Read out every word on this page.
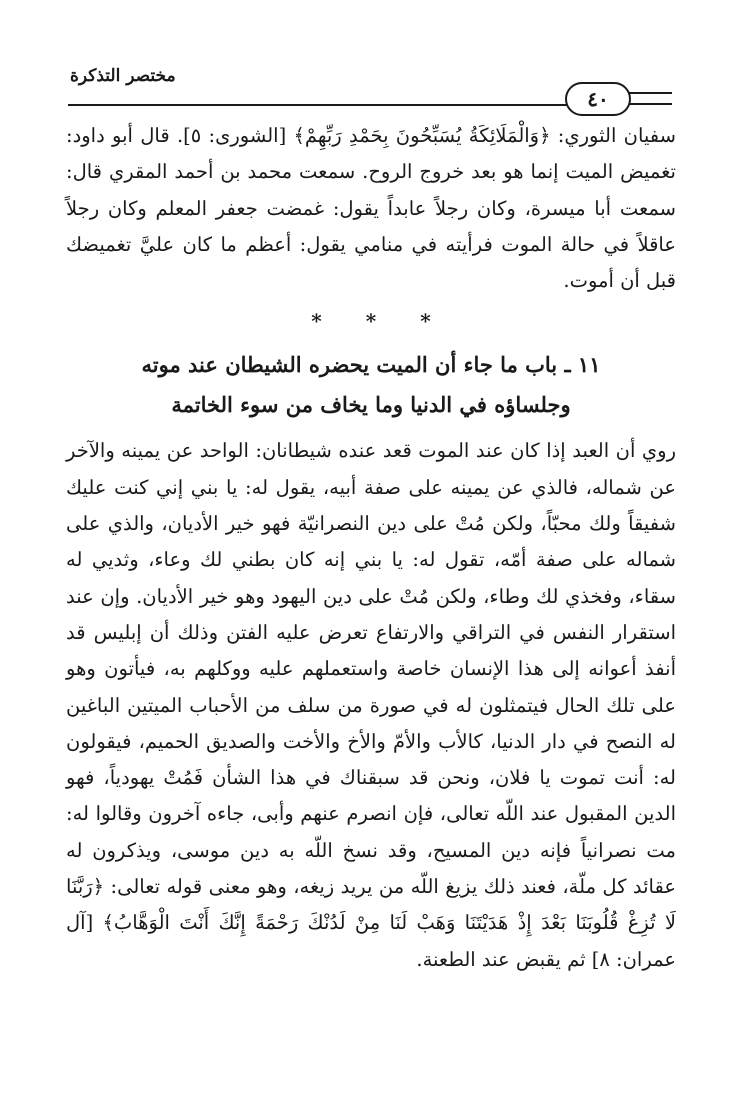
مختصر التذكرة
٤٠

سفيان الثوري: ﴿وَالْمَلَائِكَةُ يُسَبِّحُونَ بِحَمْدِ رَبِّهِمْ﴾ [الشورى: ٥]. قال أبو داود: تغميض الميت إنما هو بعد خروج الروح. سمعت محمد بن أحمد المقري قال: سمعت أبا ميسرة، وكان رجلاً عابداً يقول: غمضت جعفر المعلم وكان رجلاً عاقلاً في حالة الموت فرأيته في منامي يقول: أعظم ما كان عليَّ تغميضك قبل أن أموت.

*
*
*
١١ ـ باب ما جاء أن الميت يحضره الشيطان عند موته
وجلساؤه في الدنيا وما يخاف من سوء الخاتمة

روي أن العبد إذا كان عند الموت قعد عنده شيطانان: الواحد عن يمينه والآخر عن شماله، فالذي عن يمينه على صفة أبيه، يقول له: يا بني إني كنت عليك شفيقاً ولك محبّاً، ولكن مُتْ على دين النصرانيّة فهو خير الأديان، والذي على شماله على صفة أمّه، تقول له: يا بني إنه كان بطني لك وعاء، وثديي له سقاء، وفخذي لك وطاء، ولكن مُتْ على دين اليهود وهو خير الأديان. وإن عند استقرار النفس في التراقي والارتفاع تعرض عليه الفتن وذلك أن إبليس قد أنفذ أعوانه إلى هذا الإنسان خاصة واستعملهم عليه ووكلهم به، فيأتون وهو على تلك الحال فيتمثلون له في صورة من سلف من الأحباب الميتين الباغين له النصح في دار الدنيا، كالأب والأمّ والأخ والأخت والصديق الحميم، فيقولون له: أنت تموت يا فلان، ونحن قد سبقناك في هذا الشأن فَمُتْ يهودياً، فهو الدين المقبول عند اللّه تعالى، فإن انصرم عنهم وأبى، جاءه آخرون وقالوا له: مت نصرانياً فإنه دين المسيح، وقد نسخ اللّه به دين موسى، ويذكرون له عقائد كل ملّة، فعند ذلك يزيغ اللّه من يريد زيغه، وهو معنى قوله تعالى: ﴿رَبَّنَا لَا تُزِغْ قُلُوبَنَا بَعْدَ إِذْ هَدَيْتَنَا وَهَبْ لَنَا مِنْ لَدُنْكَ رَحْمَةً إِنَّكَ أَنْتَ الْوَهَّابُ﴾ [آل عمران: ٨] ثم يقبض عند الطعنة.
